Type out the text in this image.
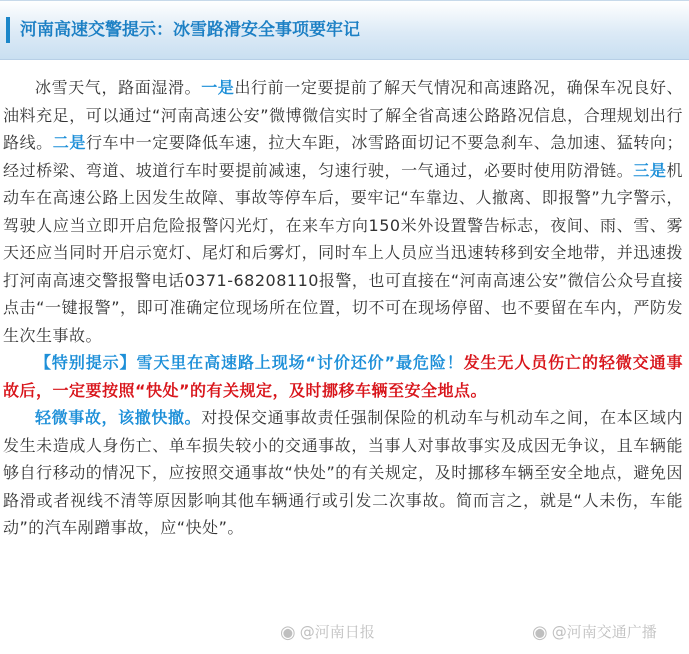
河南高速交警提示：冰雪路滑安全事项要牢记

冰雪天气，路面湿滑。一是出行前一定要提前了解天气情况和高速路况，确保车况良好、油料充足，可以通过“河南高速公安”微博微信实时了解全省高速公路路况信息，合理规划出行路线。二是行车中一定要降低车速，拉大车距，冰雪路面切记不要急刹车、急加速、猛转向；经过桥梁、弯道、坡道行车时要提前减速，匀速行驶，一气通过，必要时使用防滑链。三是机动车在高速公路上因发生故障、事故等停车后，要牢记“车靠边、人撤离、即报警”九字警示，驾驶人应当立即开启危险报警闪光灯，在来车方向150米外设置警告标志，夜间、雨、雪、雾天还应当同时开启示宽灯、尾灯和后雾灯，同时车上人员应当迅速转移到安全地带，并迅速拨打河南高速交警报警电话0371-68208110报警，也可直接在“河南高速公安”微信公众号直接点击“一键报警”，即可准确定位现场所在位置，切不可在现场停留、也不要留在车内，严防发生次生事故。

【特别提示】雪天里在高速路上现场“讨价还价”最危险！发生无人员伤亡的轻微交通事故后，一定要按照“快处”的有关规定，及时挪移车辆至安全地点。

轻微事故，该撤快撤。对投保交通事故责任强制保险的机动车与机动车之间，在本区域内发生未造成人身伤亡、单车损失较小的交通事故，当事人对事故事实及成因无争议，且车辆能够自行移动的情况下，应按照交通事故“快处”的有关规定，及时挪移车辆至安全地点，避免因路滑或者视线不清等原因影响其他车辆通行或引发二次事故。简而言之，就是“人未伤，车能动”的汽车剐蹭事故，应“快处”。

◉ @河南日报	◉ @河南交通广播
